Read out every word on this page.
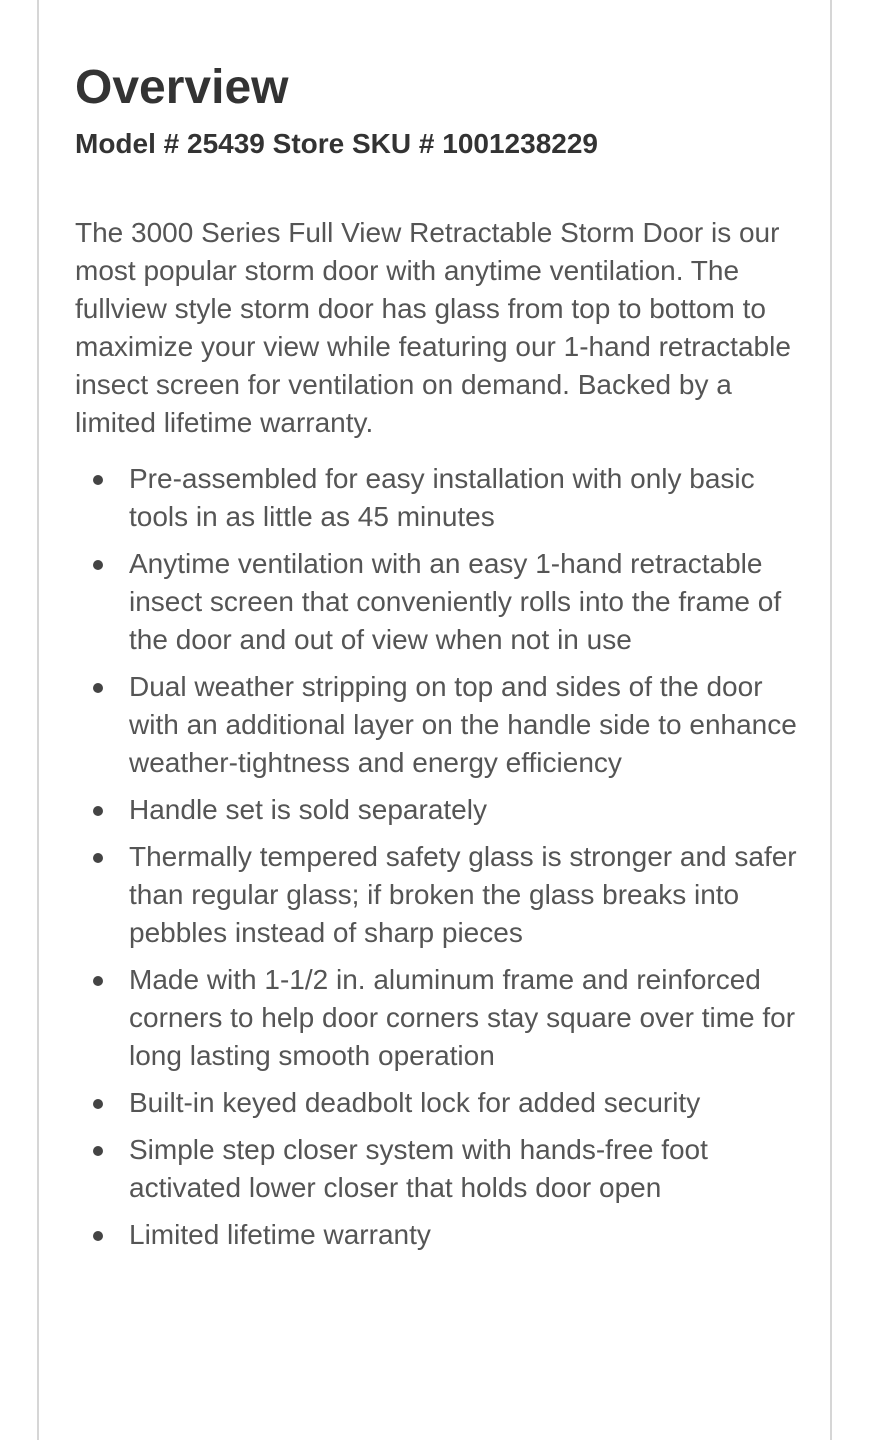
Overview
Model # 25439 Store SKU # 1001238229

The 3000 Series Full View Retractable Storm Door is our most popular storm door with anytime ventilation. The fullview style storm door has glass from top to bottom to maximize your view while featuring our 1-hand retractable insect screen for ventilation on demand. Backed by a limited lifetime warranty.

Pre-assembled for easy installation with only basic tools in as little as 45 minutes
Anytime ventilation with an easy 1-hand retractable insect screen that conveniently rolls into the frame of the door and out of view when not in use
Dual weather stripping on top and sides of the door with an additional layer on the handle side to enhance weather-tightness and energy efficiency
Handle set is sold separately
Thermally tempered safety glass is stronger and safer than regular glass; if broken the glass breaks into pebbles instead of sharp pieces
Made with 1-1/2 in. aluminum frame and reinforced corners to help door corners stay square over time for long lasting smooth operation
Built-in keyed deadbolt lock for added security
Simple step closer system with hands-free foot activated lower closer that holds door open
Limited lifetime warranty
